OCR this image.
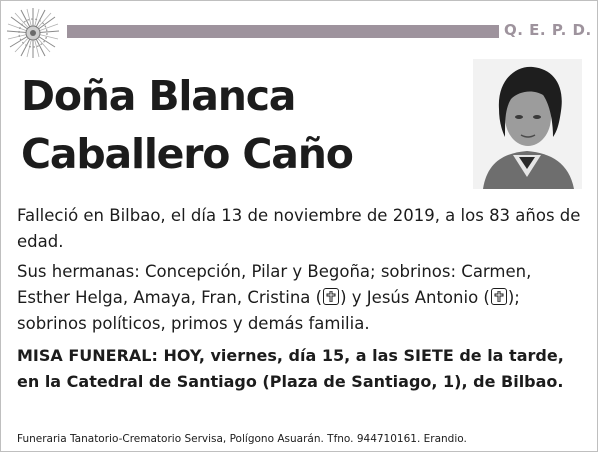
Q. E. P. D.
Doña Blanca
Caballero Caño
Falleció en Bilbao, el día 13 de noviembre de 2019, a los 83 años de edad.
Sus hermanas: Concepción, Pilar y Begoña; sobrinos: Carmen, Esther Helga, Amaya, Fran, Cristina ( ) y Jesús Antonio ( ); sobrinos políticos, primos y demás familia.
MISA FUNERAL: HOY, viernes, día 15, a las SIETE de la tarde, en la Catedral de Santiago (Plaza de Santiago, 1), de Bilbao.
Funeraria Tanatorio-Crematorio Servisa, Polígono Asuarán. Tfno. 944710161. Erandio.
